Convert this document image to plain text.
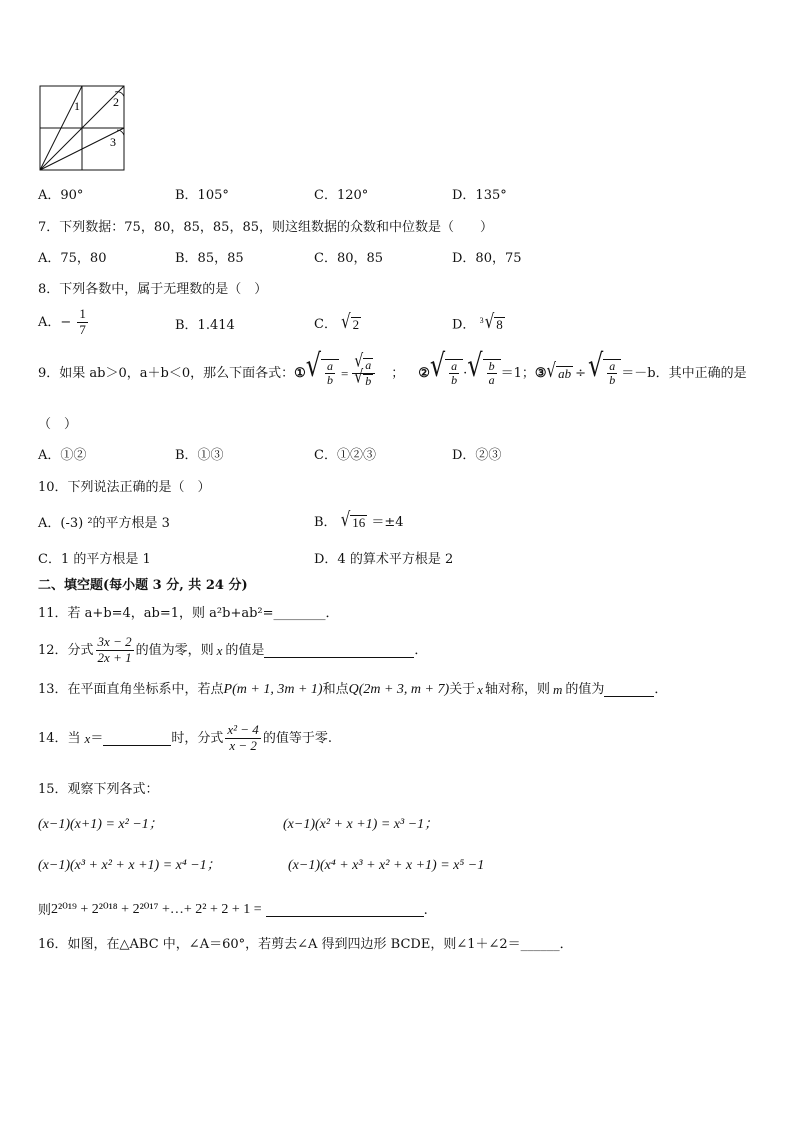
1	2
3
A．90°	B．105°	C．120°	D．135°
7．下列数据：75，80，85，85，85，则这组数据的众数和中位数是（　　）
A．75，80	B．85，85	C．80，85	D．80，75
8．下列各数中，属于无理数的是（　）
A．− $\frac{1}{7}$	B．1.414	C． √ 2	D． $^3$ √ 8
9．如果 ab＞0，a＋b＜0，那么下面各式： ① √ $\frac{a}{b} = \frac{√ a}{√ b}$ ； ② √ $\frac{a}{b}$ · √ $\frac{b}{a} =1$； ③ √ ab ÷ √ $\frac{a}{b} =-b$．其中正确的是
（　）
A．①②	B．①③	C．①②③	D．②③
10．下列说法正确的是（　）
A．(-3) ²的平方根是 3	B． √ 16 ＝±4
C．1 的平方根是 1	D．4 的算术平方根是 2
二、填空题(每小题 3 分, 共 24 分)
11．若 a+b=4，ab=1，则 a²b+ab²=________．
12．分式 $\frac{3x - 2}{2x + 1}$ 的值为零，则 x 的值是	．
13．在平面直角坐标系中，若点 P (m + 1, 3m + 1) 和点 Q (2m + 3, m + 7) 关于 x 轴对称，则 m 的值为	．
14．当 x ＝	时，分式 $\frac{\text{x² − 4}}{x - 2}$ 的值等于零.
15．观察下列各式：
(x−1)(x+1) = x² −1；	(x−1)(x² + x +1) = x³ −1；
(x−1)(x³ + x² + x +1) = x⁴ −1；	(x−1)(x⁴ + x³ + x² + x +1) = x⁵ −1
则 2²⁰¹⁹ + 2²⁰¹⁸ + 2²⁰¹⁷ +…+ 2² + 2 + 1 =	.
16．如图，在△ABC 中，∠A＝60°，若剪去∠A 得到四边形 BCDE，则∠1＋∠2＝______．
